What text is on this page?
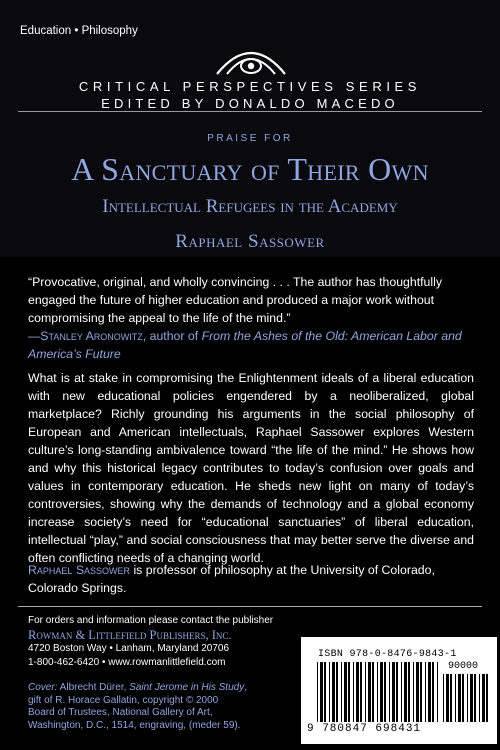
Education • Philosophy
CRITICAL PERSPECTIVES SERIES
EDITED BY DONALDO MACEDO
PRAISE FOR
A Sanctuary of Their Own
Intellectual Refugees in the Academy
Raphael Sassower

“Provocative, original, and wholly convincing . . . The author has thoughtfully engaged the future of higher education and produced a major work without compromising the appeal to the life of the mind.”

—Stanley Aronowitz, author of From the Ashes of the Old: American Labor and America’s Future

What is at stake in compromising the Enlightenment ideals of a liberal education with new educational policies engendered by a neoliberalized, global marketplace? Richly grounding his arguments in the social philosophy of European and American intellectuals, Raphael Sassower explores Western culture’s long-standing ambivalence toward “the life of the mind.” He shows how and why this historical legacy contributes to today’s confusion over goals and values in contemporary education. He sheds new light on many of today’s controversies, showing why the demands of technology and a global economy increase society’s need for “educational sanctuaries” of liberal education, intellectual “play,” and social consciousness that may better serve the diverse and often conflicting needs of a changing world.

Raphael Sassower is professor of philosophy at the University of Colorado, Colorado Springs.

For orders and information please contact the publisher
Rowman & Littlefield Publishers, Inc.
4720 Boston Way • Lanham, Maryland 20706
1-800-462-6420 • www.rowmanlittlefield.com
Cover: Albrecht Dürer, Saint Jerome in His Study,
gift of R. Horace Gallatin, copyright © 2000
Board of Trustees, National Gallery of Art,
Washington, D.C., 1514, engraving, (meder 59).
ISBN 978-0-8476-9843-1
90000
9 780847 698431
